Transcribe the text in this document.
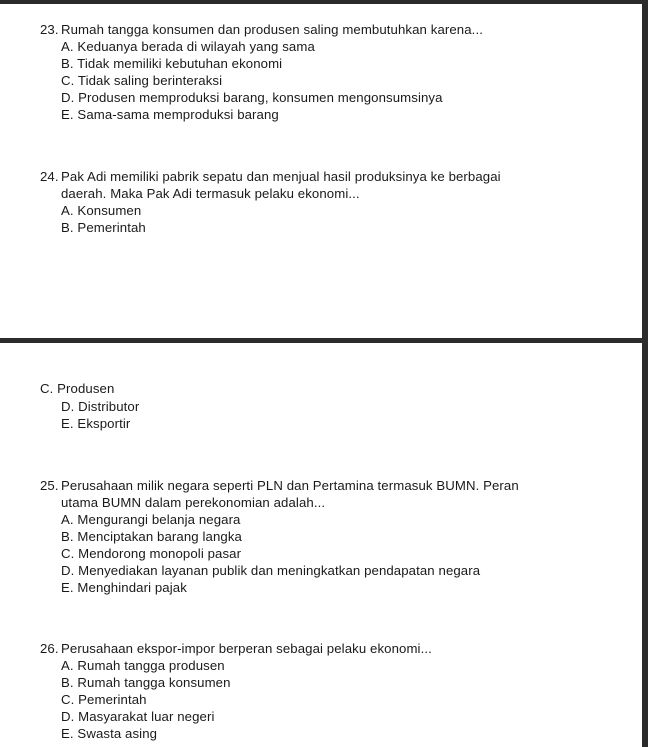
23. Rumah tangga konsumen dan produsen saling membutuhkan karena...
A. Keduanya berada di wilayah yang sama
B. Tidak memiliki kebutuhan ekonomi
C. Tidak saling berinteraksi
D. Produsen memproduksi barang, konsumen mengonsumsinya
E. Sama-sama memproduksi barang
24. Pak Adi memiliki pabrik sepatu dan menjual hasil produksinya ke berbagai
daerah. Maka Pak Adi termasuk pelaku ekonomi...
A. Konsumen
B. Pemerintah
C. Produsen
D. Distributor
E. Eksportir
25. Perusahaan milik negara seperti PLN dan Pertamina termasuk BUMN. Peran
utama BUMN dalam perekonomian adalah...
A. Mengurangi belanja negara
B. Menciptakan barang langka
C. Mendorong monopoli pasar
D. Menyediakan layanan publik dan meningkatkan pendapatan negara
E. Menghindari pajak
26. Perusahaan ekspor-impor berperan sebagai pelaku ekonomi...
A. Rumah tangga produsen
B. Rumah tangga konsumen
C. Pemerintah
D. Masyarakat luar negeri
E. Swasta asing
